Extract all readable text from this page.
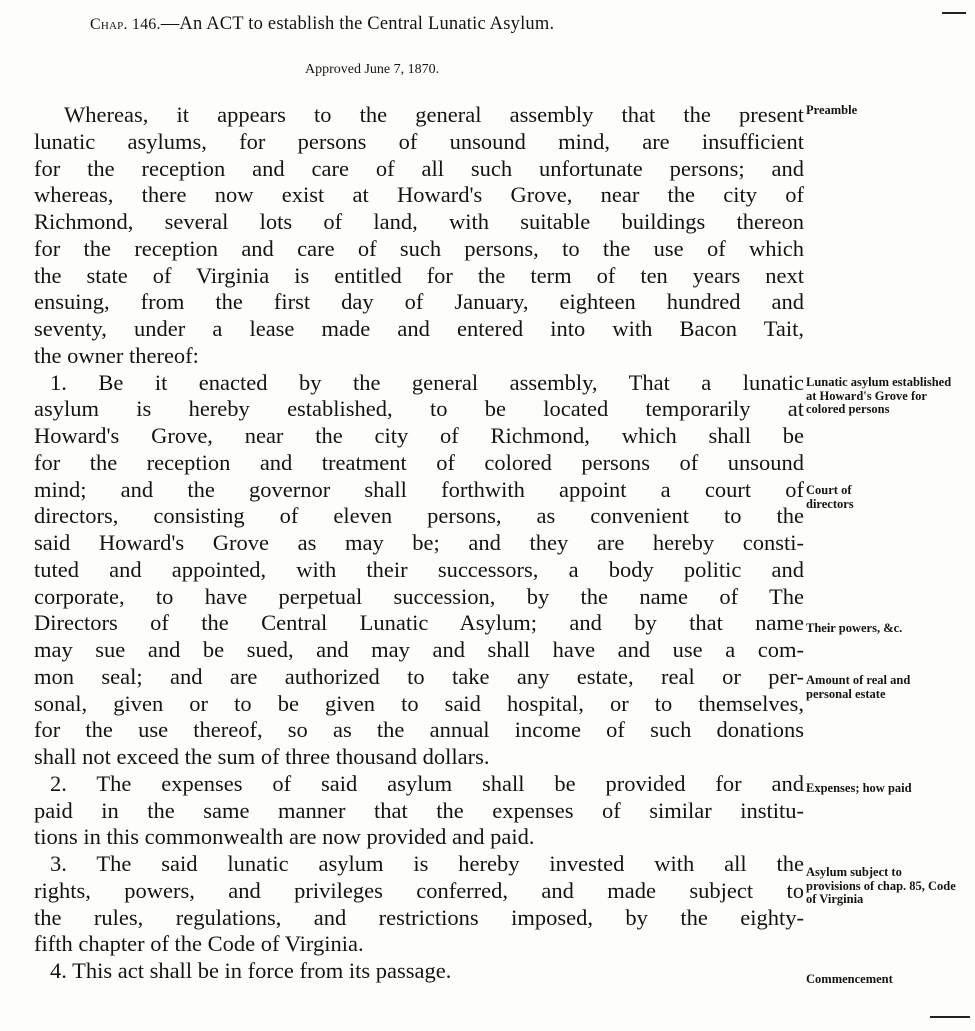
Chap. 146.—An ACT to establish the Central Lunatic Asylum.
Approved June 7, 1870.
Whereas, it appears to the general assembly that the present
lunatic asylums, for persons of unsound mind, are insufficient
for the reception and care of all such unfortunate persons; and
whereas, there now exist at Howard's Grove, near the city of
Richmond, several lots of land, with suitable buildings thereon
for the reception and care of such persons, to the use of which
the state of Virginia is entitled for the term of ten years next
ensuing, from the first day of January, eighteen hundred and
seventy, under a lease made and entered into with Bacon Tait,
the owner thereof:
1. Be it enacted by the general assembly, That a lunatic
asylum is hereby established, to be located temporarily at
Howard's Grove, near the city of Richmond, which shall be
for the reception and treatment of colored persons of unsound
mind; and the governor shall forthwith appoint a court of
directors, consisting of eleven persons, as convenient to the
said Howard's Grove as may be; and they are hereby consti-
tuted and appointed, with their successors, a body politic and
corporate, to have perpetual succession, by the name of The
Directors of the Central Lunatic Asylum; and by that name
may sue and be sued, and may and shall have and use a com-
mon seal; and are authorized to take any estate, real or per-
sonal, given or to be given to said hospital, or to themselves,
for the use thereof, so as the annual income of such donations
shall not exceed the sum of three thousand dollars.
2. The expenses of said asylum shall be provided for and
paid in the same manner that the expenses of similar institu-
tions in this commonwealth are now provided and paid.
3. The said lunatic asylum is hereby invested with all the
rights, powers, and privileges conferred, and made subject to
the rules, regulations, and restrictions imposed, by the eighty-
fifth chapter of the Code of Virginia.
4. This act shall be in force from its passage.
Preamble
Lunatic asylum established at Howard's Grove for colored persons
Court of directors
Their powers, &c.
Amount of real and personal estate
Expenses; how paid
Asylum subject to provisions of chap. 85, Code of Virginia
Commencement
